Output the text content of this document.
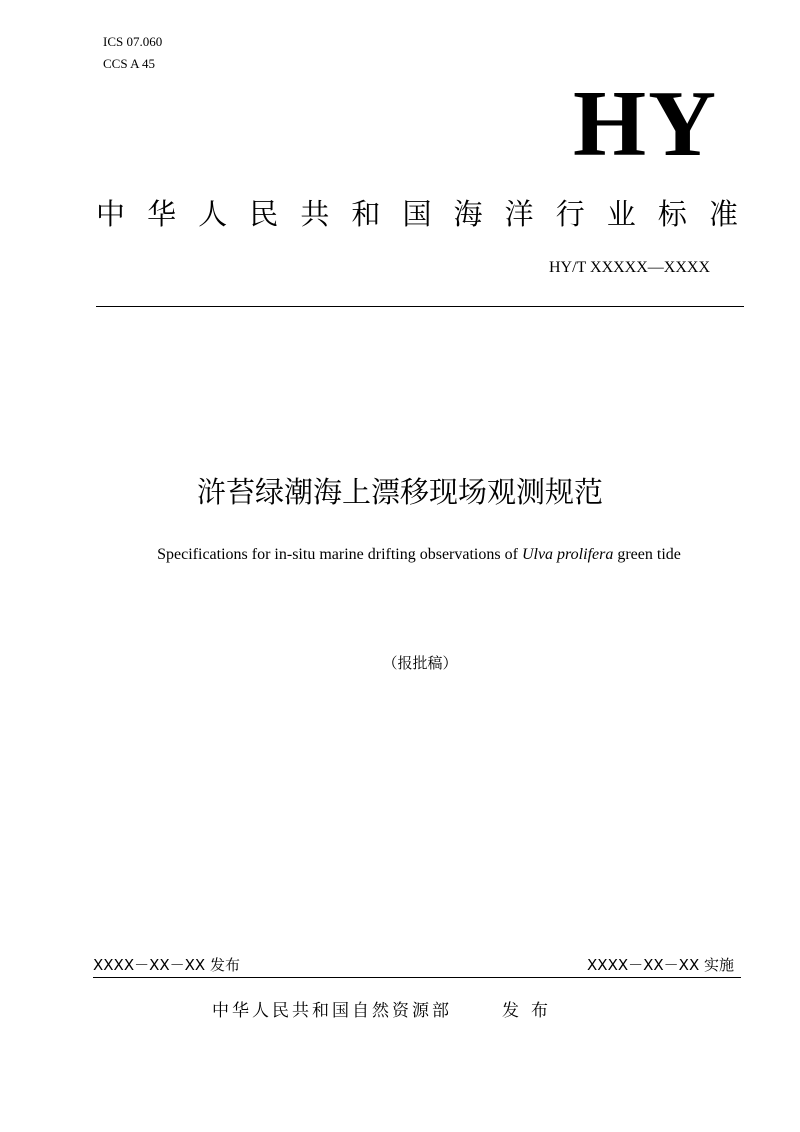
ICS 07.060
CCS A 45
HY
中 华 人 民 共 和 国 海 洋 行 业 标 准
HY/T XXXXX—XXXX
浒苔绿潮海上漂移现场观测规范
Specifications for in-situ marine drifting observations of Ulva prolifera green tide
（报批稿）
XXXX－XX－XX 发布	XXXX－XX－XX 实施
中华人民共和国自然资源部	发布
